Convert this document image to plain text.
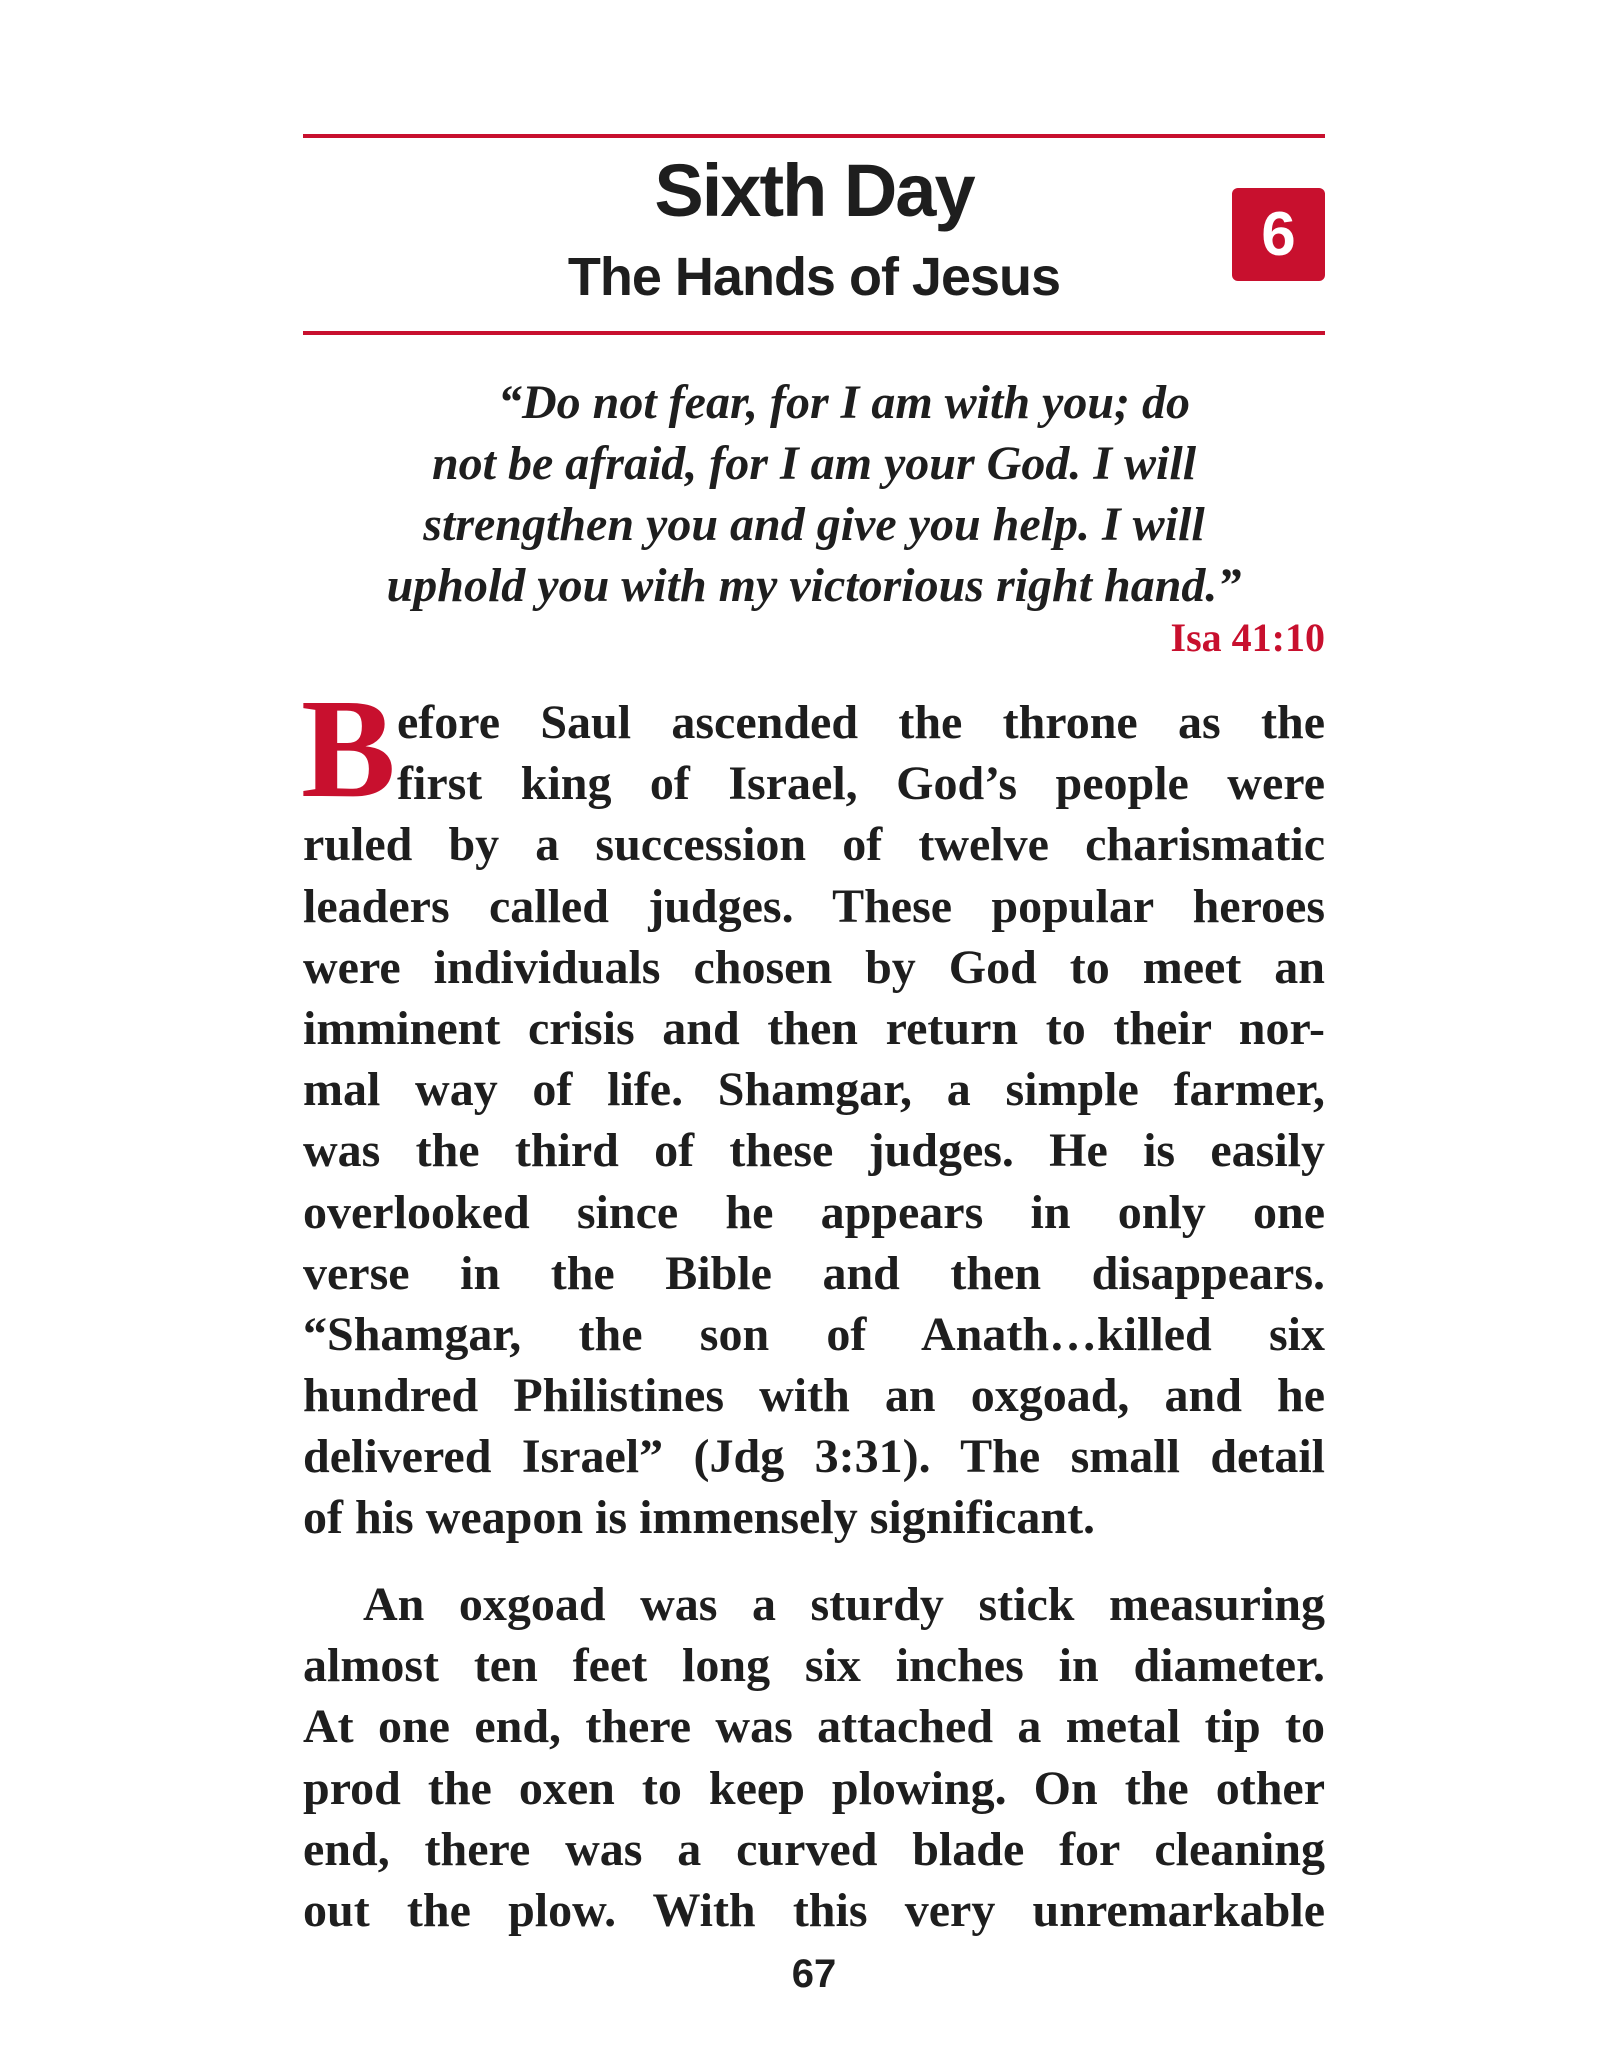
Sixth Day
The Hands of Jesus
6
“Do not fear, for I am with you; do
not be afraid, for I am your God. I will
strengthen you and give you help. I will
uphold you with my victorious right hand.”
Isa 41:10
B efore Saul ascended the throne as the
first king of Israel, God’s people were
ruled by a succession of twelve charismatic
leaders called judges. These popular heroes
were individuals chosen by God to meet an
imminent crisis and then return to their nor-
mal way of life. Shamgar, a simple farmer,
was the third of these judges. He is easily
overlooked since he appears in only one
verse in the Bible and then disappears.
“Shamgar, the son of Anath…killed six
hundred Philistines with an oxgoad, and he
delivered Israel” (Jdg 3:31). The small detail
of his weapon is immensely significant.
An oxgoad was a sturdy stick measuring
almost ten feet long six inches in diameter.
At one end, there was attached a metal tip to
prod the oxen to keep plowing. On the other
end, there was a curved blade for cleaning
out the plow. With this very unremarkable
67
